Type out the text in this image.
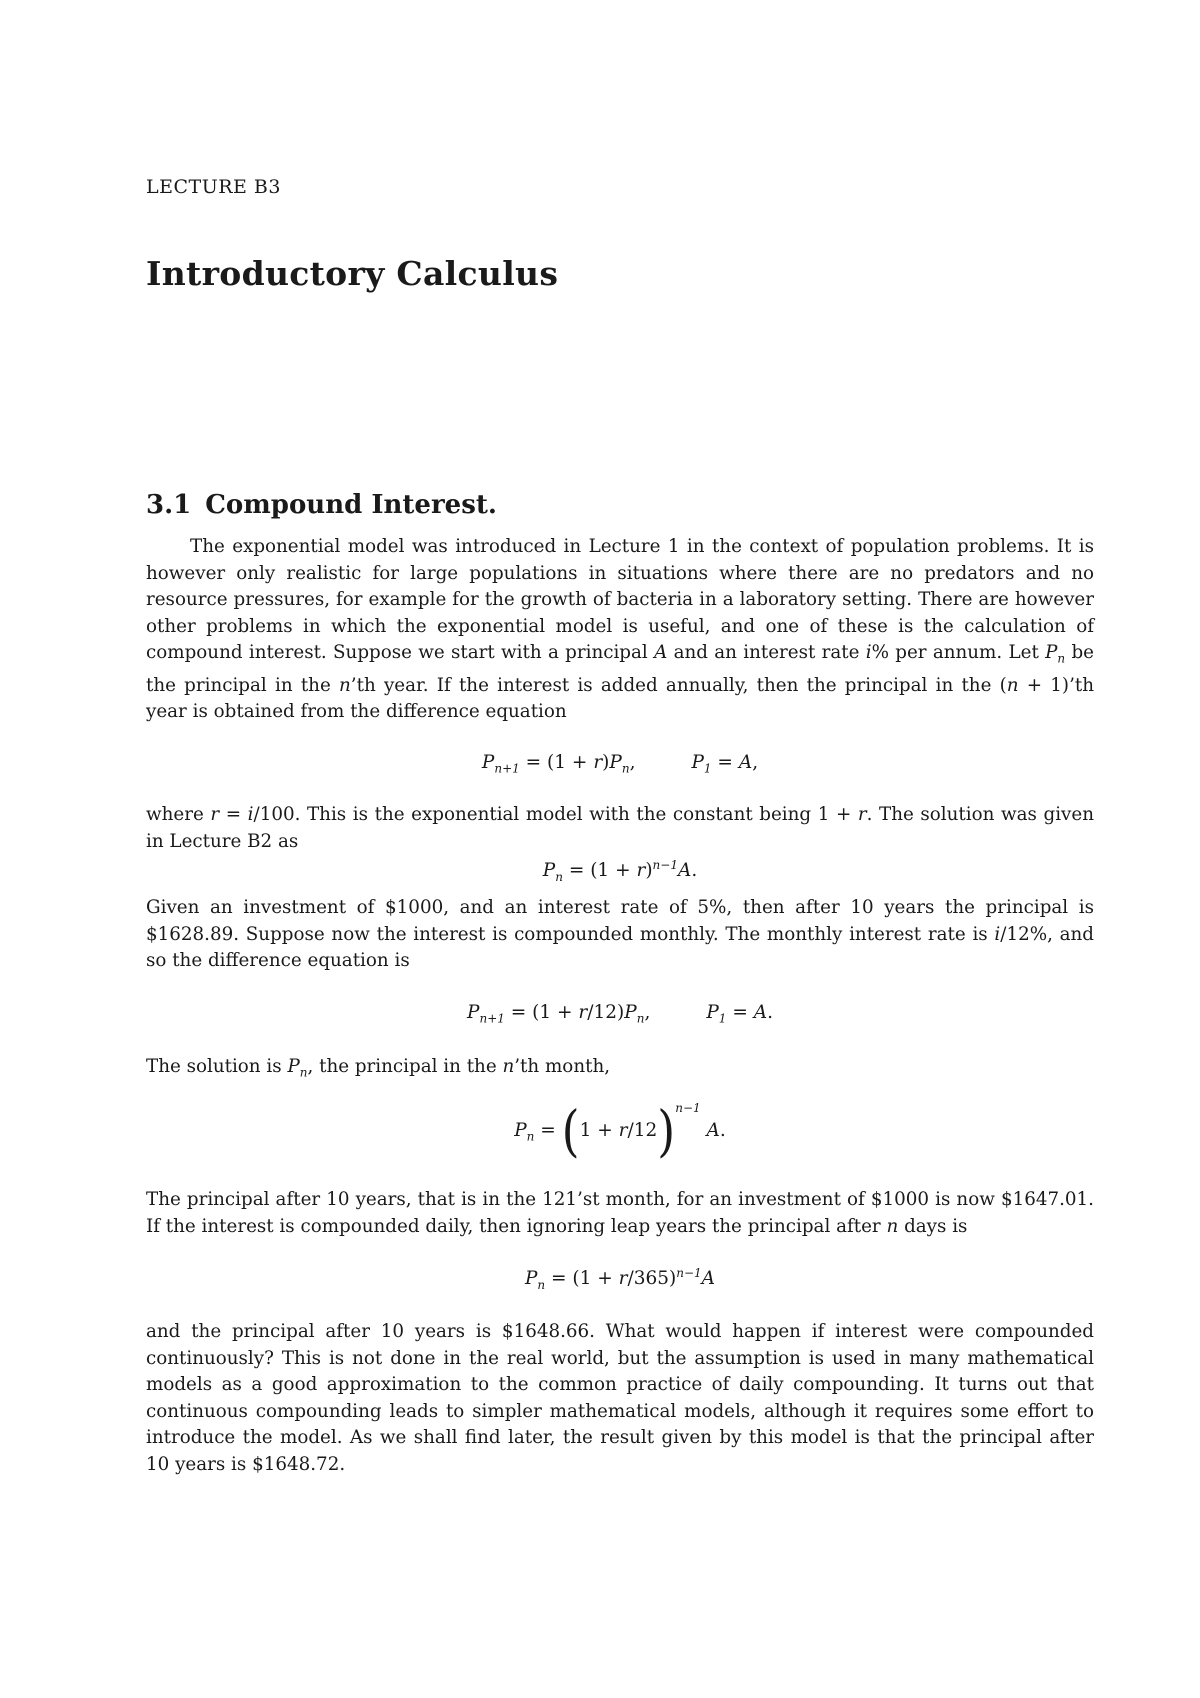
LECTURE B3
Introductory Calculus
3.1 Compound Interest.

The exponential model was introduced in Lecture 1 in the context of population problems. It is however only realistic for large populations in situations where there are no predators and no resource pressures, for example for the growth of bacteria in a laboratory setting. There are however other problems in which the exponential model is useful, and one of these is the calculation of compound interest. Suppose we start with a principal A and an interest rate i% per annum. Let $P_n$ be the principal in the n’th year. If the interest is added annually, then the principal in the (n + 1)’th year is obtained from the difference equation

$P_{n+1} = (1 + r)P_n$,	$P_1 = A$,

where r = i/100. This is the exponential model with the constant being 1 + r. The solution was given in Lecture B2 as

$P_n = (1 + r)^{n-1}A$.

Given an investment of $1000, and an interest rate of 5%, then after 10 years the principal is $1628.89. Suppose now the interest is compounded monthly. The monthly interest rate is i/12%, and so the difference equation is

$P_{n+1} = (1 + r/12)P_n$,	$P_1 = A$.

The solution is $P_n$, the principal in the n’th month,

$P_n = (1 + r/12)^{n-1}$ A.

The principal after 10 years, that is in the 121’st month, for an investment of $1000 is now $1647.01. If the interest is compounded daily, then ignoring leap years the principal after n days is

$P_n = (1 + r/365)^{n-1}A$

and the principal after 10 years is $1648.66. What would happen if interest were compounded continuously? This is not done in the real world, but the assumption is used in many mathematical models as a good approximation to the common practice of daily compounding. It turns out that continuous compounding leads to simpler mathematical models, although it requires some effort to introduce the model. As we shall find later, the result given by this model is that the principal after 10 years is $1648.72.
